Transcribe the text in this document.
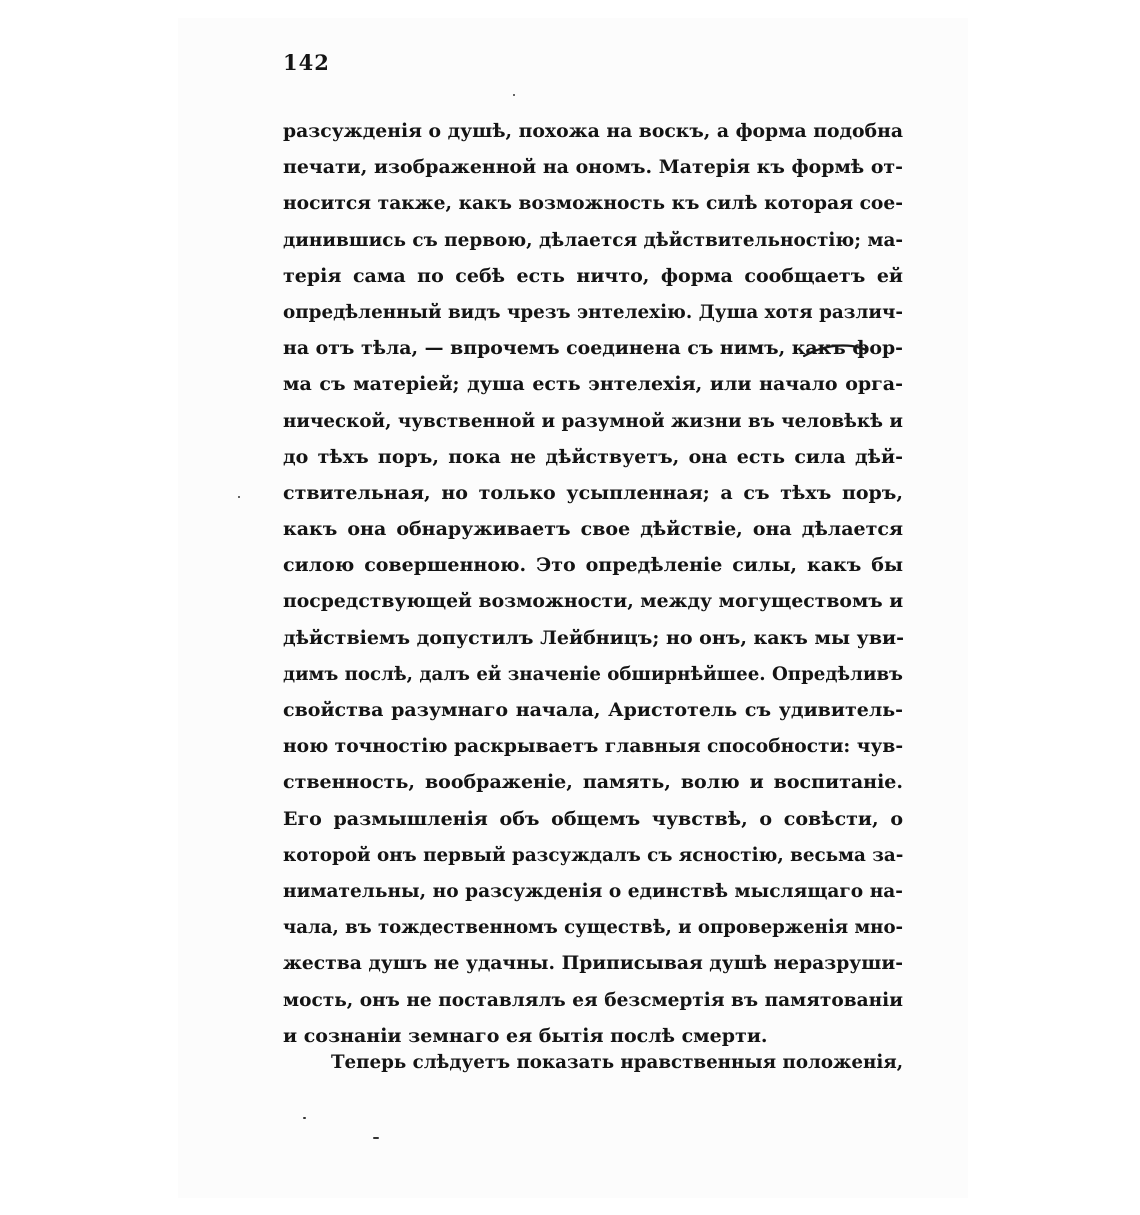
142
разсужденія о душѣ, похожа на воскъ, а форма подобна
печати, изображенной на ономъ. Матерія къ формѣ от-
носится также, какъ возможность къ силѣ которая сое-
динившись съ первою, дѣлается дѣйствительностію; ма-
терія сама по себѣ есть ничто, форма сообщаетъ ей
опредѣленный видъ чрезъ энтелехію. Душа хотя различ-
на отъ тѣла, — впрочемъ соединена съ нимъ, какъ фор-
ма съ матеріей; душа есть энтелехія, или начало орга-
нической, чувственной и разумной жизни въ человѣкѣ и
до тѣхъ поръ, пока не дѣйствуетъ, она есть сила дѣй-
ствительная, но только усыпленная; а съ тѣхъ поръ,
какъ она обнаруживаетъ свое дѣйствіе, она дѣлается
силою совершенною. Это опредѣленіе силы, какъ бы
посредствующей возможности, между могуществомъ и
дѣйствіемъ допустилъ Лейбницъ; но онъ, какъ мы уви-
димъ послѣ, далъ ей значеніе обширнѣйшее. Опредѣливъ
свойства разумнаго начала, Аристотель съ удивитель-
ною точностію раскрываетъ главныя способности: чув-
ственность, воображеніе, память, волю и воспитаніе.
Его размышленія объ общемъ чувствѣ, о совѣсти, о
которой онъ первый разсуждалъ съ ясностію, весьма за-
нимательны, но разсужденія о единствѣ мыслящаго на-
чала, въ тождественномъ существѣ, и опроверженія мно-
жества душъ не удачны. Приписывая душѣ неразруши-
мость, онъ не поставлялъ ея безсмертія въ памятованіи
и сознаніи земнаго ея бытія послѣ смерти.
Теперь слѣдуетъ показать нравственныя положенія,
